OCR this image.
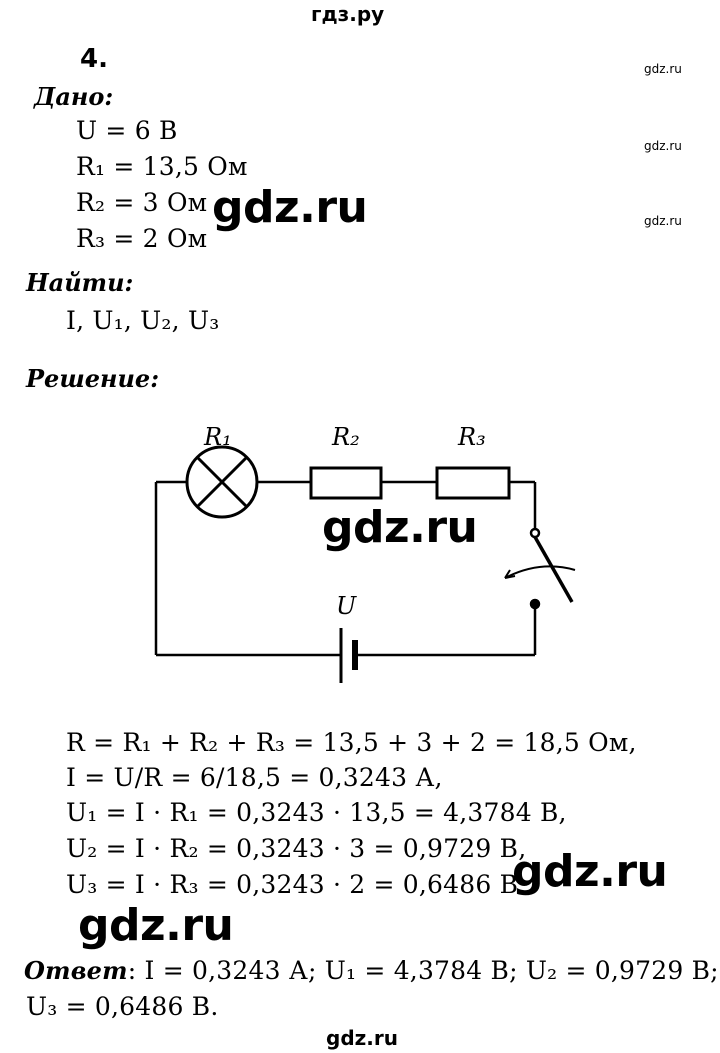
гдз.ру
4.
Дано:
U = 6 В
R₁ = 13,5 Ом
R₂ = 3 Ом
R₃ = 2 Ом
Найти:
I, U₁, U₂, U₃
Решение:
R₁	R₂	R₃
U
R = R₁ + R₂ + R₃ = 13,5 + 3 + 2 = 18,5 Ом,
I = U/R = 6/18,5 = 0,3243 А,
U₁ = I · R₁ = 0,3243 · 13,5 = 4,3784 В,
U₂ = I · R₂ = 0,3243 · 3 = 0,9729 В,
U₃ = I · R₃ = 0,3243 · 2 = 0,6486 В.
Ответ: I = 0,3243 А; U₁ = 4,3784 В; U₂ = 0,9729 В;
U₃ = 0,6486 В.
gdz.ru
gdz.ru
gdz.ru
gdz.ru
gdz.ru
gdz.ru
gdz.ru
gdz.ru
